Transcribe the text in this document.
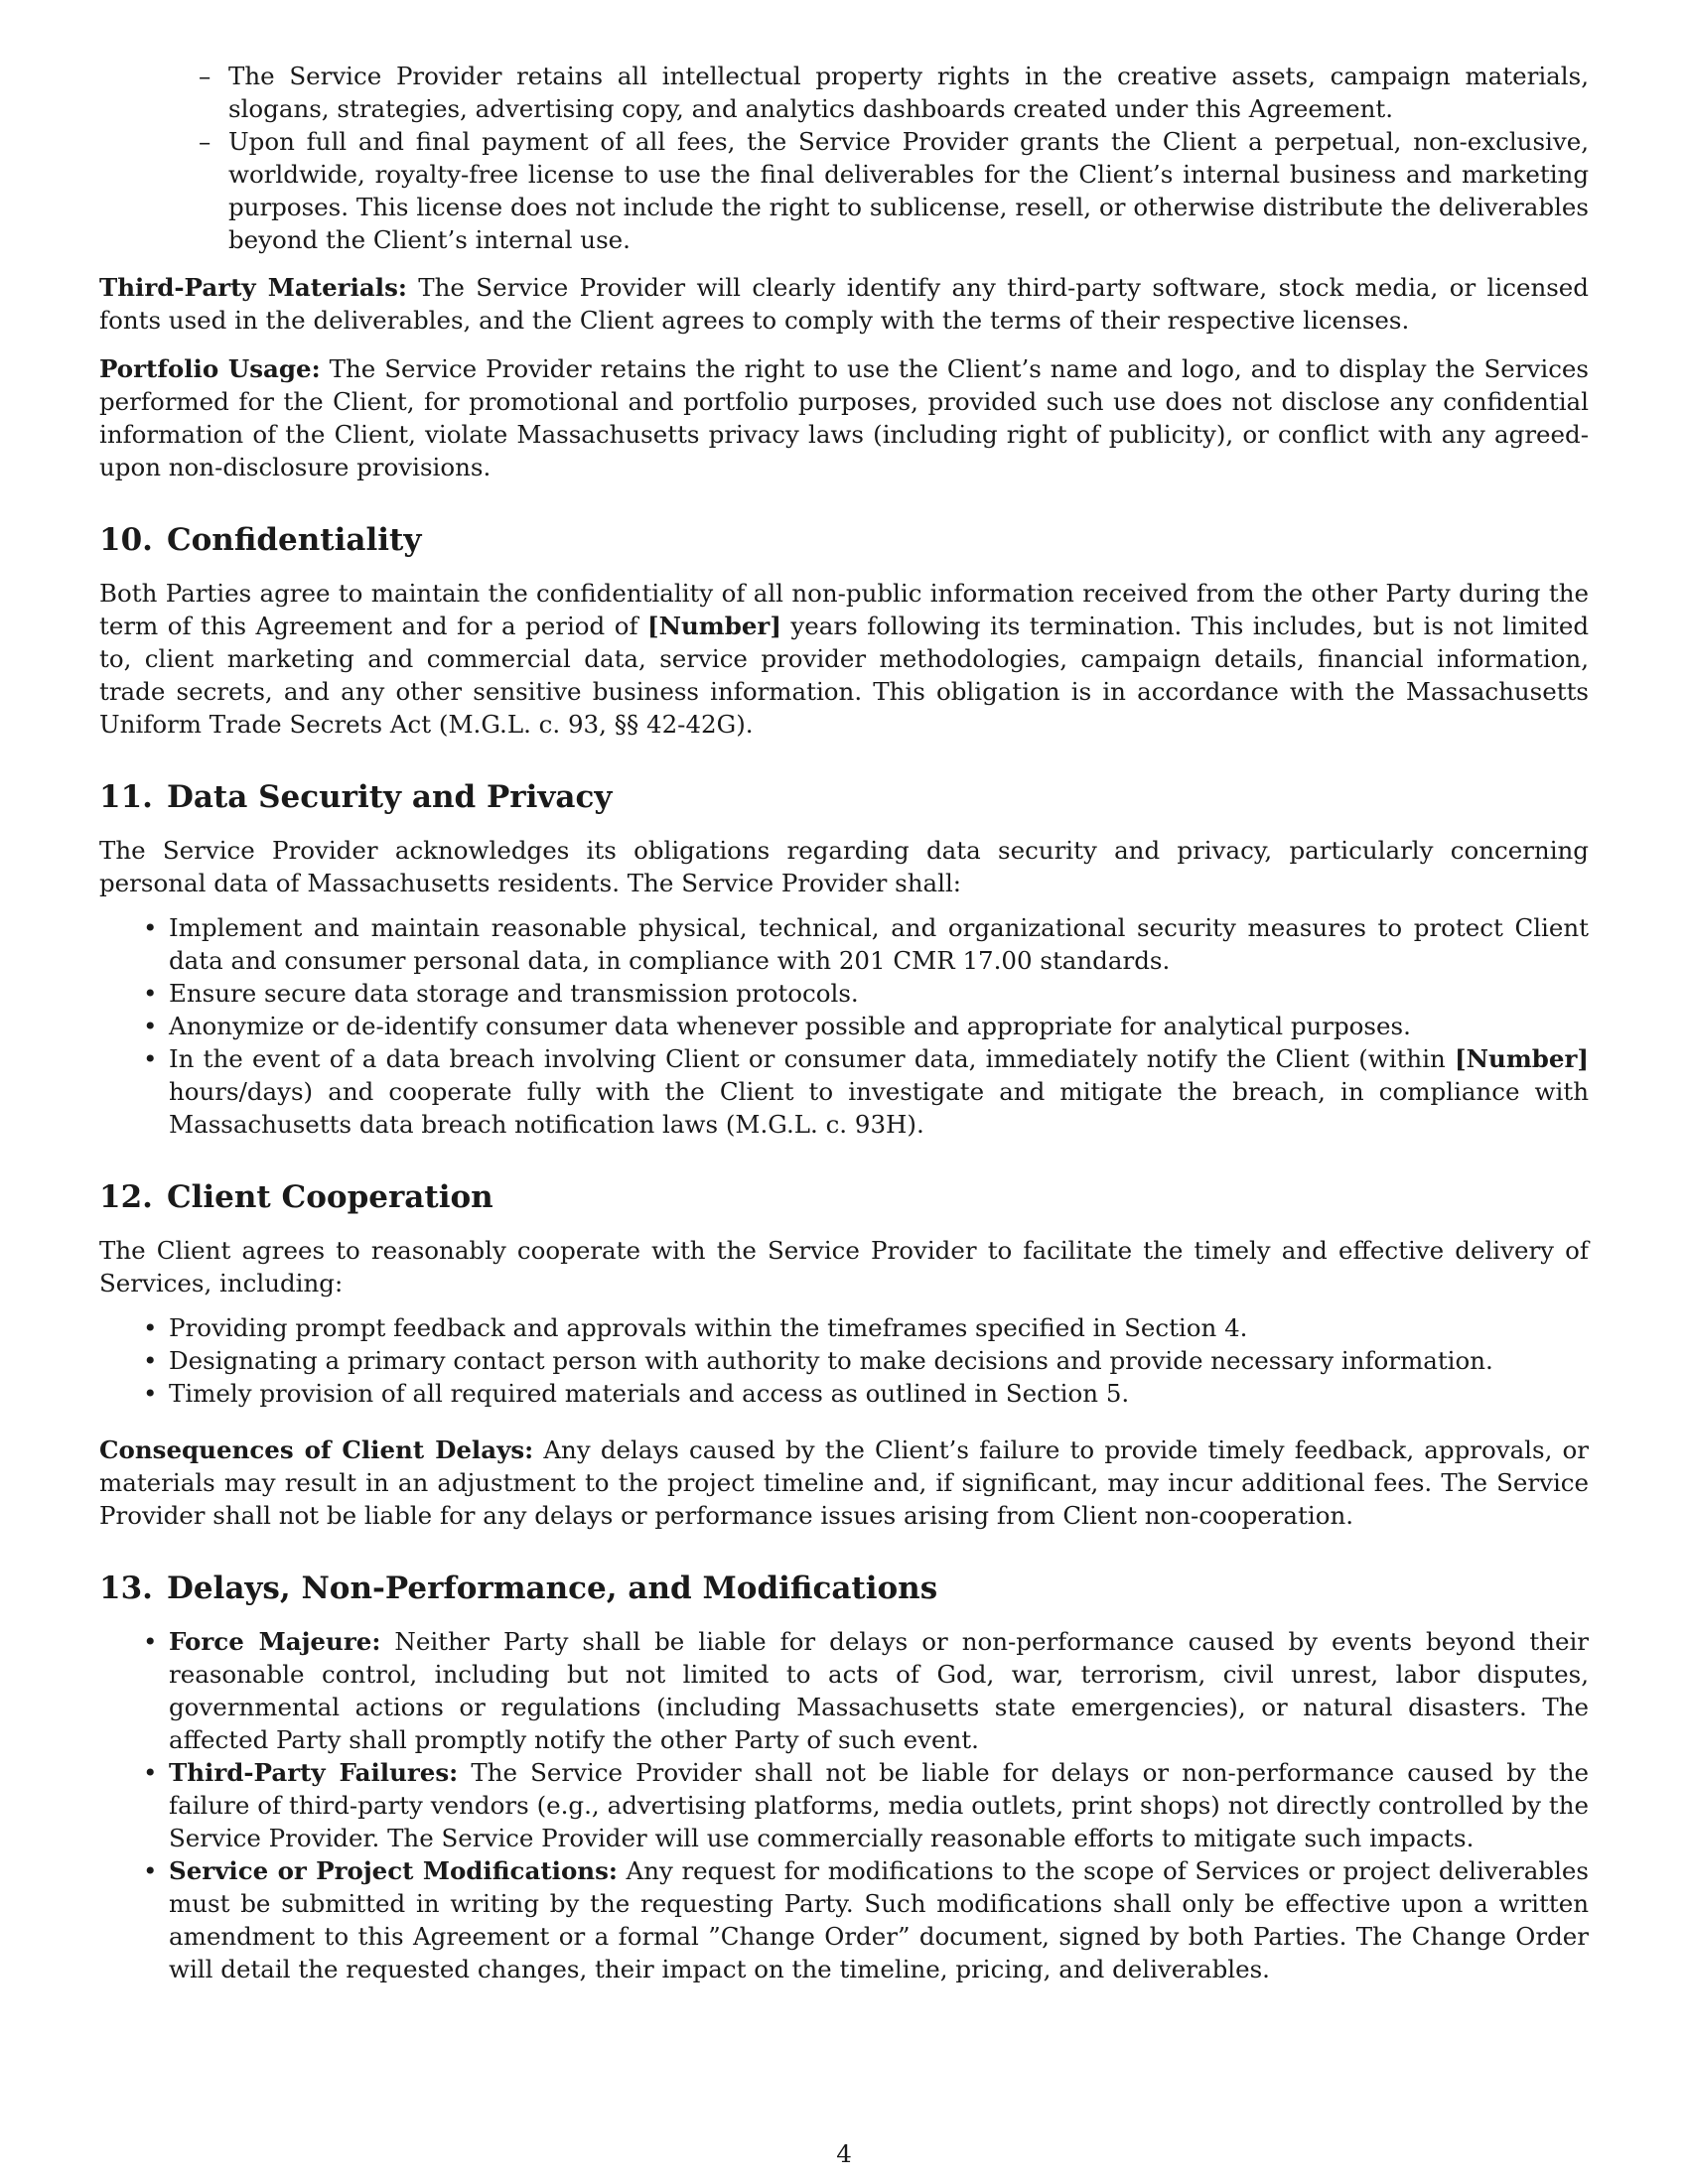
– The Service Provider retains all intellectual property rights in the creative assets, campaign materials, slogans, strategies, advertising copy, and analytics dashboards created under this Agreement.
– Upon full and final payment of all fees, the Service Provider grants the Client a perpetual, non-exclusive, worldwide, royalty-free license to use the final deliverables for the Client’s internal business and marketing purposes. This license does not include the right to sublicense, resell, or otherwise distribute the deliverables beyond the Client’s internal use.

Third-Party Materials: The Service Provider will clearly identify any third-party software, stock media, or licensed fonts used in the deliverables, and the Client agrees to comply with the terms of their respective licenses.

Portfolio Usage: The Service Provider retains the right to use the Client’s name and logo, and to display the Services performed for the Client, for promotional and portfolio purposes, provided such use does not disclose any confidential information of the Client, violate Massachusetts privacy laws (including right of publicity), or conflict with any agreed-upon non-disclosure provisions.

10. Confidentiality

Both Parties agree to maintain the confidentiality of all non-public information received from the other Party during the term of this Agreement and for a period of [Number] years following its termination. This includes, but is not limited to, client marketing and commercial data, service provider methodologies, campaign details, financial information, trade secrets, and any other sensitive business information. This obligation is in accordance with the Massachusetts Uniform Trade Secrets Act (M.G.L. c. 93, §§ 42-42G).

11. Data Security and Privacy

The Service Provider acknowledges its obligations regarding data security and privacy, particularly concerning personal data of Massachusetts residents. The Service Provider shall:

• Implement and maintain reasonable physical, technical, and organizational security measures to protect Client data and consumer personal data, in compliance with 201 CMR 17.00 standards.
• Ensure secure data storage and transmission protocols.
• Anonymize or de-identify consumer data whenever possible and appropriate for analytical purposes.
• In the event of a data breach involving Client or consumer data, immediately notify the Client (within [Number] hours/days) and cooperate fully with the Client to investigate and mitigate the breach, in compliance with Massachusetts data breach notification laws (M.G.L. c. 93H).
12. Client Cooperation

The Client agrees to reasonably cooperate with the Service Provider to facilitate the timely and effective delivery of Services, including:

• Providing prompt feedback and approvals within the timeframes specified in Section 4.
• Designating a primary contact person with authority to make decisions and provide necessary information.
• Timely provision of all required materials and access as outlined in Section 5.

Consequences of Client Delays: Any delays caused by the Client’s failure to provide timely feedback, approvals, or materials may result in an adjustment to the project timeline and, if significant, may incur additional fees. The Service Provider shall not be liable for any delays or performance issues arising from Client non-cooperation.

13. Delays, Non-Performance, and Modifications
• Force Majeure: Neither Party shall be liable for delays or non-performance caused by events beyond their reasonable control, including but not limited to acts of God, war, terrorism, civil unrest, labor disputes, governmental actions or regulations (including Massachusetts state emergencies), or natural disasters. The affected Party shall promptly notify the other Party of such event.
• Third-Party Failures: The Service Provider shall not be liable for delays or non-performance caused by the failure of third-party vendors (e.g., advertising platforms, media outlets, print shops) not directly controlled by the Service Provider. The Service Provider will use commercially reasonable efforts to mitigate such impacts.
• Service or Project Modifications: Any request for modifications to the scope of Services or project deliverables must be submitted in writing by the requesting Party. Such modifications shall only be effective upon a written amendment to this Agreement or a formal ”Change Order” document, signed by both Parties. The Change Order will detail the requested changes, their impact on the timeline, pricing, and deliverables.
4
